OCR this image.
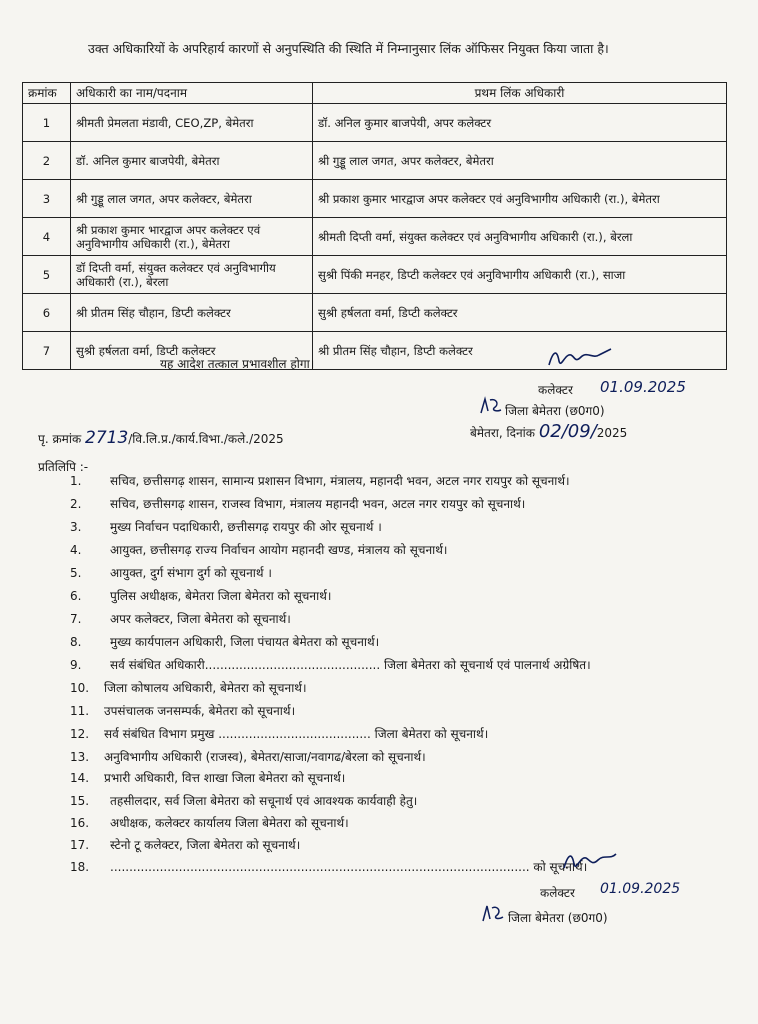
उक्त अधिकारियों के अपरिहार्य कारणों से अनुपस्थिति की स्थिति में निम्नानुसार लिंक ऑफिसर नियुक्त किया जाता है।
क्रमांक	अधिकारी का नाम/पदनाम	प्रथम लिंक अधिकारी
1	श्रीमती प्रेमलता मंडावी, CEO,ZP, बेमेतरा	डॉ. अनिल कुमार बाजपेयी, अपर कलेक्टर
2	डॉ. अनिल कुमार बाजपेयी, बेमेतरा	श्री गुड्डू लाल जगत, अपर कलेक्टर, बेमेतरा
3	श्री गुड्डू लाल जगत, अपर कलेक्टर, बेमेतरा	श्री प्रकाश कुमार भारद्वाज अपर कलेक्टर एवं अनुविभागीय अधिकारी (रा.), बेमेतरा
4	श्री प्रकाश कुमार भारद्वाज अपर कलेक्टर एवं अनुविभागीय अधिकारी (रा.), बेमेतरा	श्रीमती दिप्ती वर्मा, संयुक्त कलेक्टर एवं अनुविभागीय अधिकारी (रा.), बेरला
5	डॉ दिप्ती वर्मा, संयुक्त कलेक्टर एवं अनुविभागीय अधिकारी (रा.), बेरला	सुश्री पिंकी मनहर, डिप्टी कलेक्टर एवं अनुविभागीय अधिकारी (रा.), साजा
6	श्री प्रीतम सिंह चौहान, डिप्टी कलेक्टर	सुश्री हर्षलता वर्मा, डिप्टी कलेक्टर
7	सुश्री हर्षलता वर्मा, डिप्टी कलेक्टर	श्री प्रीतम सिंह चौहान, डिप्टी कलेक्टर
यह आदेश तत्काल प्रभावशील होगा।
कलेक्टर 01.09.2025
जिला बेमेतरा (छ0ग0)
पृ. क्रमांक 2713/वि.लि.प्र./कार्य.विभा./कले./2025	बेमेतरा, दिनांक 02/09/2025
प्रतिलिपि :-
1. सचिव, छत्तीसगढ़ शासन, सामान्य प्रशासन विभाग, मंत्रालय, महानदी भवन, अटल नगर रायपुर को सूचनार्थ।
2. सचिव, छत्तीसगढ़ शासन, राजस्व विभाग, मंत्रालय महानदी भवन, अटल नगर रायपुर को सूचनार्थ।
3. मुख्य निर्वाचन पदाधिकारी, छत्तीसगढ़ रायपुर की ओर सूचनार्थ ।
4. आयुक्त, छत्तीसगढ़ राज्य निर्वाचन आयोग महानदी खण्ड, मंत्रालय को सूचनार्थ।
5. आयुक्त, दुर्ग संभाग दुर्ग को सूचनार्थ ।
6. पुलिस अधीक्षक, बेमेतरा जिला बेमेतरा को सूचनार्थ।
7. अपर कलेक्टर, जिला बेमेतरा को सूचनार्थ।
8. मुख्य कार्यपालन अधिकारी, जिला पंचायत बेमेतरा को सूचनार्थ।
9. सर्व संबंधित अधिकारी.............................................. जिला बेमेतरा को सूचनार्थ एवं पालनार्थ अग्रेषित।
10. जिला कोषालय अधिकारी, बेमेतरा को सूचनार्थ।
11. उपसंचालक जनसम्पर्क, बेमेतरा को सूचनार्थ।
12. सर्व संबंधित विभाग प्रमुख ........................................ जिला बेमेतरा को सूचनार्थ।
13. अनुविभागीय अधिकारी (राजस्व), बेमेतरा/साजा/नवागढ/बेरला को सूचनार्थ।
14. प्रभारी अधिकारी, वित्त शाखा जिला बेमेतरा को सूचनार्थ।
15. तहसीलदार, सर्व जिला बेमेतरा को सचूनार्थ एवं आवश्यक कार्यवाही हेतु।
16. अधीक्षक, कलेक्टर कार्यालय जिला बेमेतरा को सूचनार्थ।
17. स्टेनो टू कलेक्टर, जिला बेमेतरा को सूचनार्थ।
18. .............................................................................................................. को सूचनार्थ।
कलेक्टर 01.09.2025
जिला बेमेतरा (छ0ग0)
